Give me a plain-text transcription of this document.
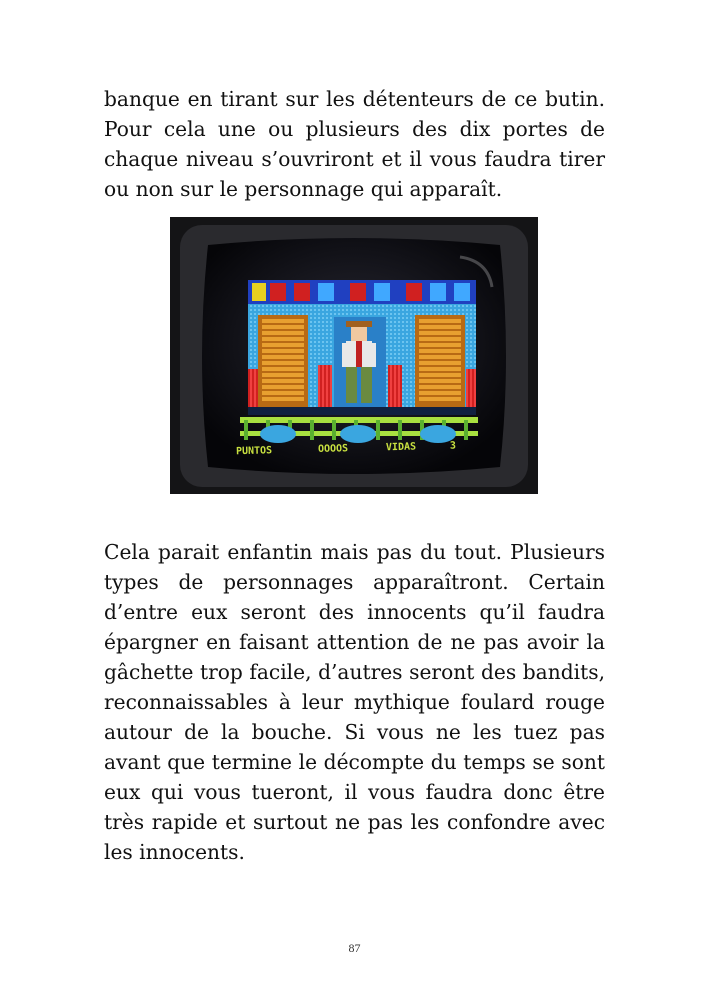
banque en tirant sur les détenteurs de ce butin. Pour cela une ou plusieurs des dix portes de chaque niveau s’ouvriront et il vous faudra tirer ou non sur le personnage qui apparaît.

PUNTOS	OOOOS	VIDAS	3

Cela parait enfantin mais pas du tout. Plusieurs types de personnages apparaîtront. Certain d’entre eux seront des innocents qu’il faudra épargner en faisant attention de ne pas avoir la gâchette trop facile, d’autres seront des bandits, reconnaissables à leur mythique foulard rouge autour de la bouche. Si vous ne les tuez pas avant que termine le décompte du temps se sont eux qui vous tueront, il vous faudra donc être très rapide et surtout ne pas les confondre avec les innocents.

87
